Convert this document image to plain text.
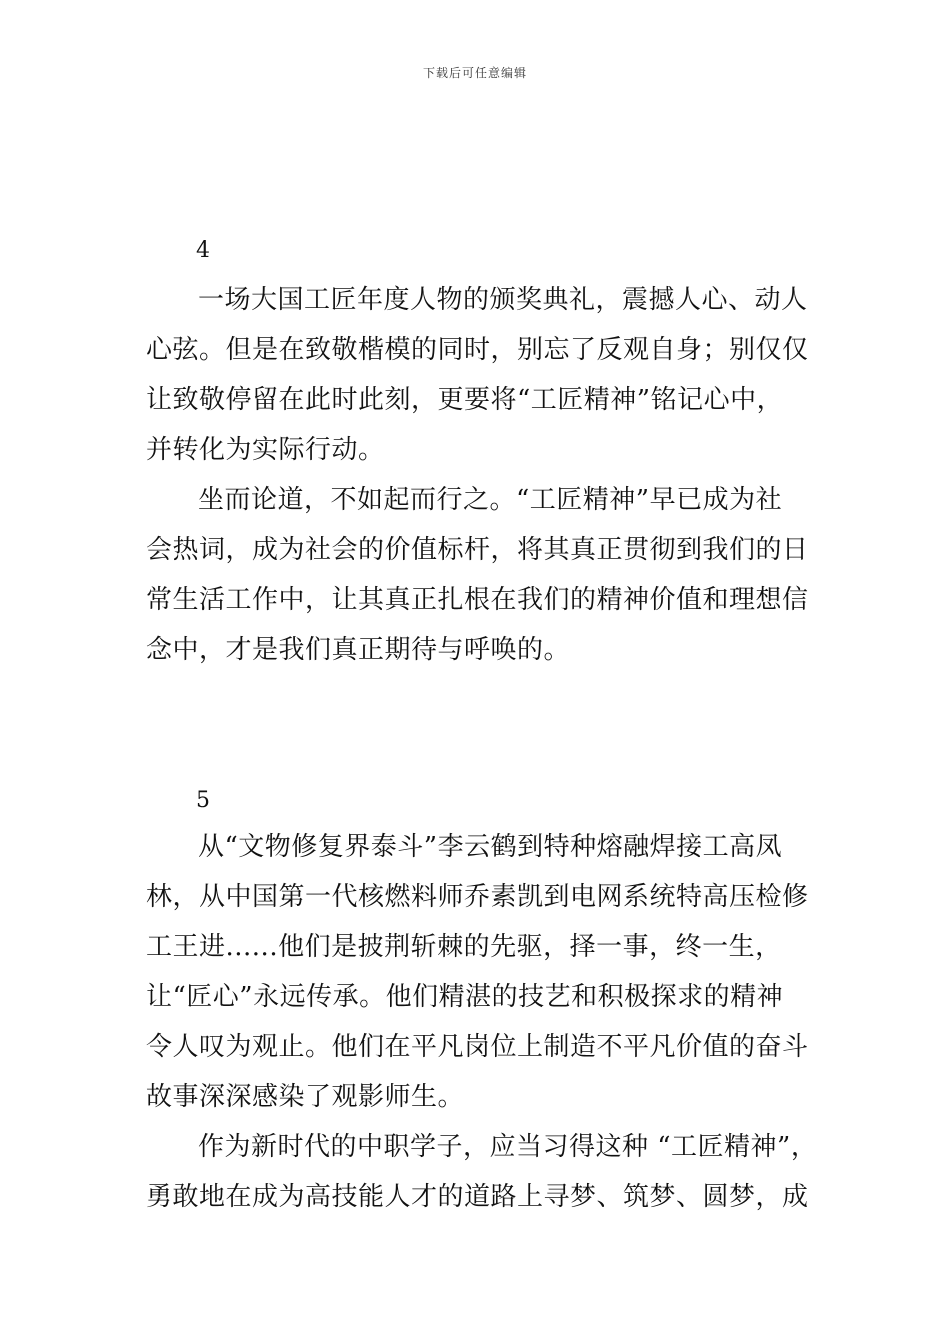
下载后可任意编辑
4
一场大国工匠年度人物的颁奖典礼，震撼人心、动人
心弦。但是在致敬楷模的同时，别忘了反观自身；别仅仅
让致敬停留在此时此刻，更要将“工匠精神”铭记心中，
并转化为实际行动。
坐而论道，不如起而行之。“工匠精神”早已成为社
会热词，成为社会的价值标杆，将其真正贯彻到我们的日
常生活工作中，让其真正扎根在我们的精神价值和理想信
念中，才是我们真正期待与呼唤的。
5
从“文物修复界泰斗”李云鹤到特种熔融焊接工高凤
林，从中国第一代核燃料师乔素凯到电网系统特高压检修
工王进......他们是披荆斩棘的先驱，择一事，终一生，
让“匠心”永远传承。他们精湛的技艺和积极探求的精神
令人叹为观止。他们在平凡岗位上制造不平凡价值的奋斗
故事深深感染了观影师生。
作为新时代的中职学子，应当习得这种 “工匠精神”，
勇敢地在成为高技能人才的道路上寻梦、筑梦、圆梦，成
